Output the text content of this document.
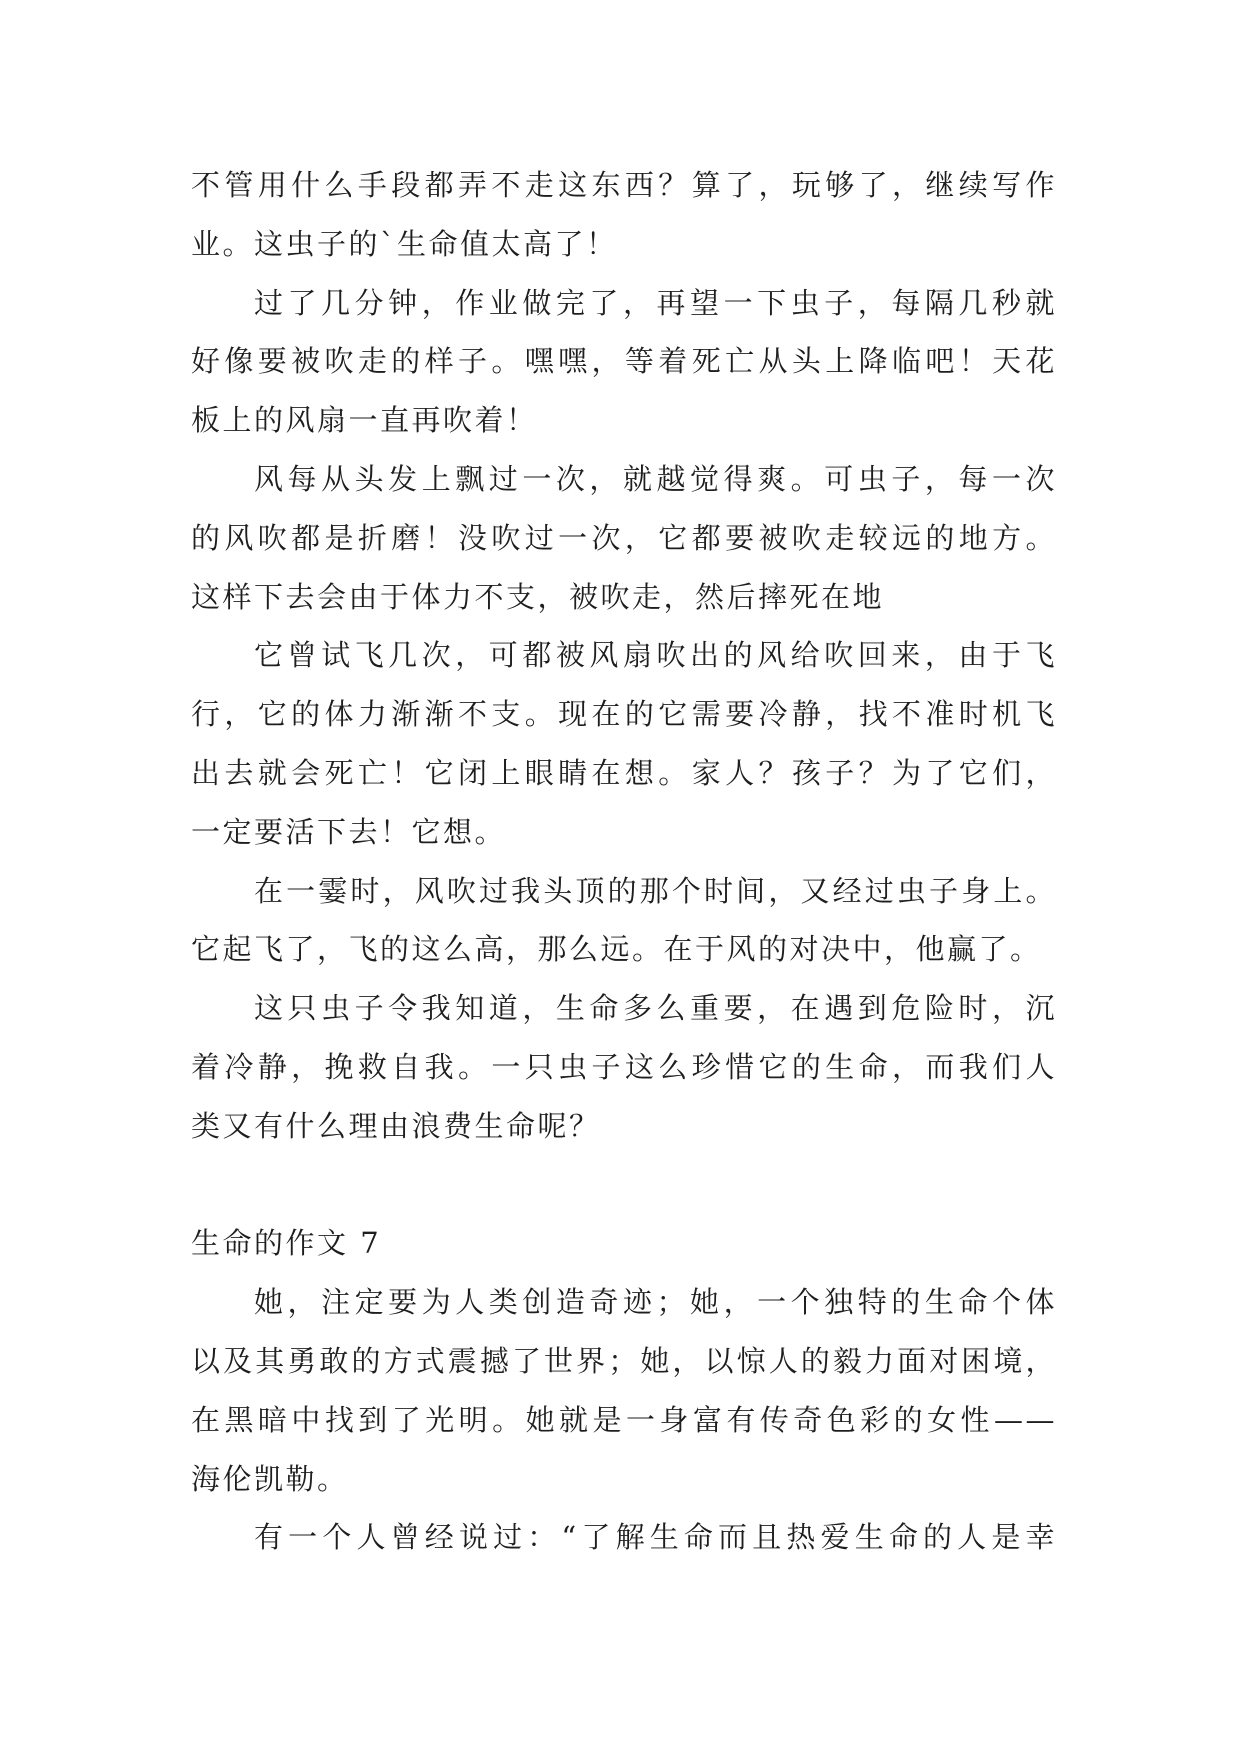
不管用什么手段都弄不走这东西？算了，玩够了，继续写作
业。这虫子的`生命值太高了！
过了几分钟，作业做完了，再望一下虫子，每隔几秒就
好像要被吹走的样子。嘿嘿，等着死亡从头上降临吧！天花
板上的风扇一直再吹着！
风每从头发上飘过一次，就越觉得爽。可虫子，每一次
的风吹都是折磨！没吹过一次，它都要被吹走较远的地方。
这样下去会由于体力不支，被吹走，然后摔死在地
它曾试飞几次，可都被风扇吹出的风给吹回来，由于飞
行，它的体力渐渐不支。现在的它需要冷静，找不准时机飞
出去就会死亡！它闭上眼睛在想。家人？孩子？为了它们，
一定要活下去！它想。
在一霎时，风吹过我头顶的那个时间，又经过虫子身上。
它起飞了，飞的这么高，那么远。在于风的对决中，他赢了。
这只虫子令我知道，生命多么重要，在遇到危险时，沉
着冷静，挽救自我。一只虫子这么珍惜它的生命，而我们人
类又有什么理由浪费生命呢？
生命的作文 7
她，注定要为人类创造奇迹；她，一个独特的生命个体
以及其勇敢的方式震撼了世界；她，以惊人的毅力面对困境，
在黑暗中找到了光明。她就是一身富有传奇色彩的女性——
海伦凯勒。
有一个人曾经说过：“了解生命而且热爱生命的人是幸
